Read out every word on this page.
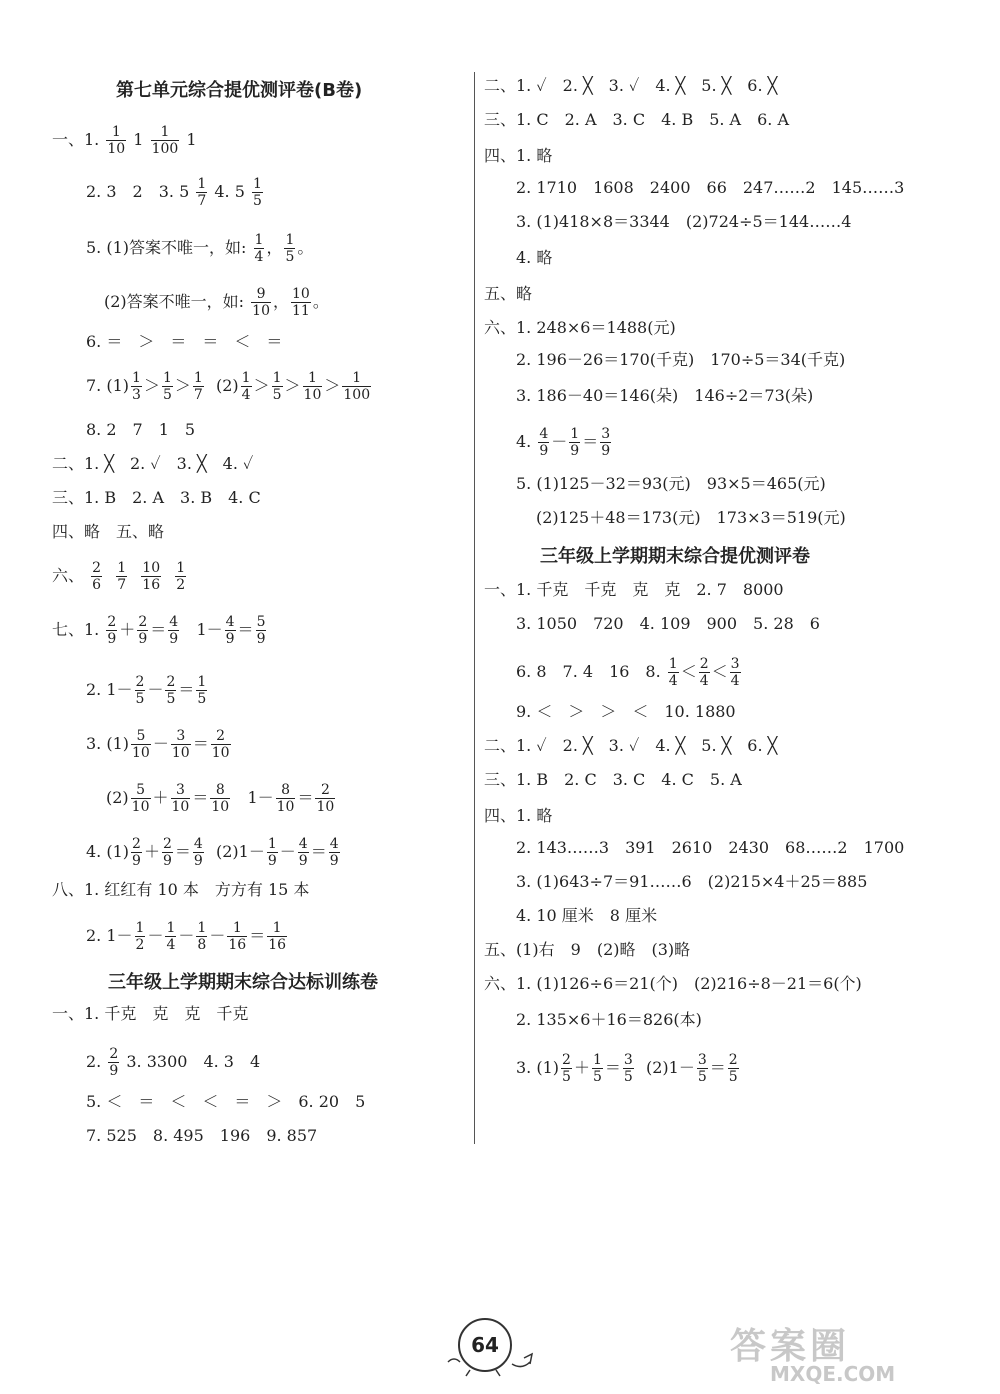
第七单元综合提优测评卷(B卷)
一、1. $\frac{1}{10} 1 \frac{1}{100} 1$
2. 3　2　3. $5 \frac{1}{7} 4$. $5 \frac{1}{5}$
5. (1)答案不唯一，如: $\frac{1}{4}$ ， $\frac{1}{5}$ 。
(2)答案不唯一，如: $\frac{9}{10}$ ， $\frac{10}{11}$ 。
6. ＝　＞　＝　＝　＜　＝
7. $(1) \frac{1}{3} > \frac{1}{5} > \frac{1}{7} (2) \frac{1}{4} > \frac{1}{5} > \frac{1}{10} > \frac{1}{100}$
8. 2　7　1　5
二、1. ╳　2. ✓　3. ╳　4. ✓
三、1. B　2. A　3. B　4. C
四、略　五、略
六、 $\frac{2}{6}$
$\frac{1}{7}$
$\frac{10}{16}$
$\frac{1}{2}$
七、1. $\frac{2}{9} + \frac{2}{9} = \frac{4}{9} 1- \frac{4}{9} = \frac{5}{9}$
2. $1- \frac{2}{5} - \frac{2}{5} = \frac{1}{5}$
3. $(1) \frac{5}{10} - \frac{3}{10} = \frac{2}{10}$
$(2) \frac{5}{10} + \frac{3}{10} = \frac{8}{10} 1- \frac{8}{10} = \frac{2}{10}$
4. $(1) \frac{2}{9} + \frac{2}{9} = \frac{4}{9} (2)1- \frac{1}{9} - \frac{4}{9} = \frac{4}{9}$
八、1. 红红有 10 本　方方有 15 本
2. $1- \frac{1}{2} - \frac{1}{4} - \frac{1}{8} - \frac{1}{16} = \frac{1}{16}$
三年级上学期期末综合达标训练卷
一、1. 千克　克　克　千克
2. $\frac{2}{9} 3$. 3300　4. 3　4
5. ＜　＝　＜　＜　＝　＞　6. 20　5
7. 525　8. 495　196　9. 857
二、1. ✓　2. ╳　3. ✓　4. ╳　5. ╳　6. ╳
三、1. C　2. A　3. C　4. B　5. A　6. A
四、1. 略
2. 1710　1608　2400　66　247……2　145……3
3. (1)418×8＝3344　(2)724÷5＝144……4
4. 略
五、略
六、1. 248×6＝1488(元)
2. 196－26＝170(千克)　170÷5＝34(千克)
3. 186－40＝146(朵)　146÷2＝73(朵)
4. $\frac{4}{9} - \frac{1}{9} = \frac{3}{9}$
5. (1)125－32＝93(元)　93×5＝465(元)
(2)125＋48＝173(元)　173×3＝519(元)
三年级上学期期末综合提优测评卷
一、1. 千克　千克　克　克　2. 7　8000
3. 1050　720　4. 109　900　5. 28　6
6. 8　7. 4　16　8. $\frac{1}{4} < \frac{2}{4} < \frac{3}{4}$
9. ＜　＞　＞　＜　10. 1880
二、1. ✓　2. ╳　3. ✓　4. ╳　5. ╳　6. ╳
三、1. B　2. C　3. C　4. C　5. A
四、1. 略
2. 143……3　391　2610　2430　68……2　1700
3. (1)643÷7＝91……6　(2)215×4＋25＝885
4. 10 厘米　8 厘米
五、(1)右　9　(2)略　(3)略
六、1. (1)126÷6＝21(个)　(2)216÷8－21＝6(个)
2. 135×6＋16＝826(本)
3. $(1) \frac{2}{5} + \frac{1}{5} = \frac{3}{5} (2)1- \frac{3}{5} = \frac{2}{5}$
64	答案圈
MXQE.COM
